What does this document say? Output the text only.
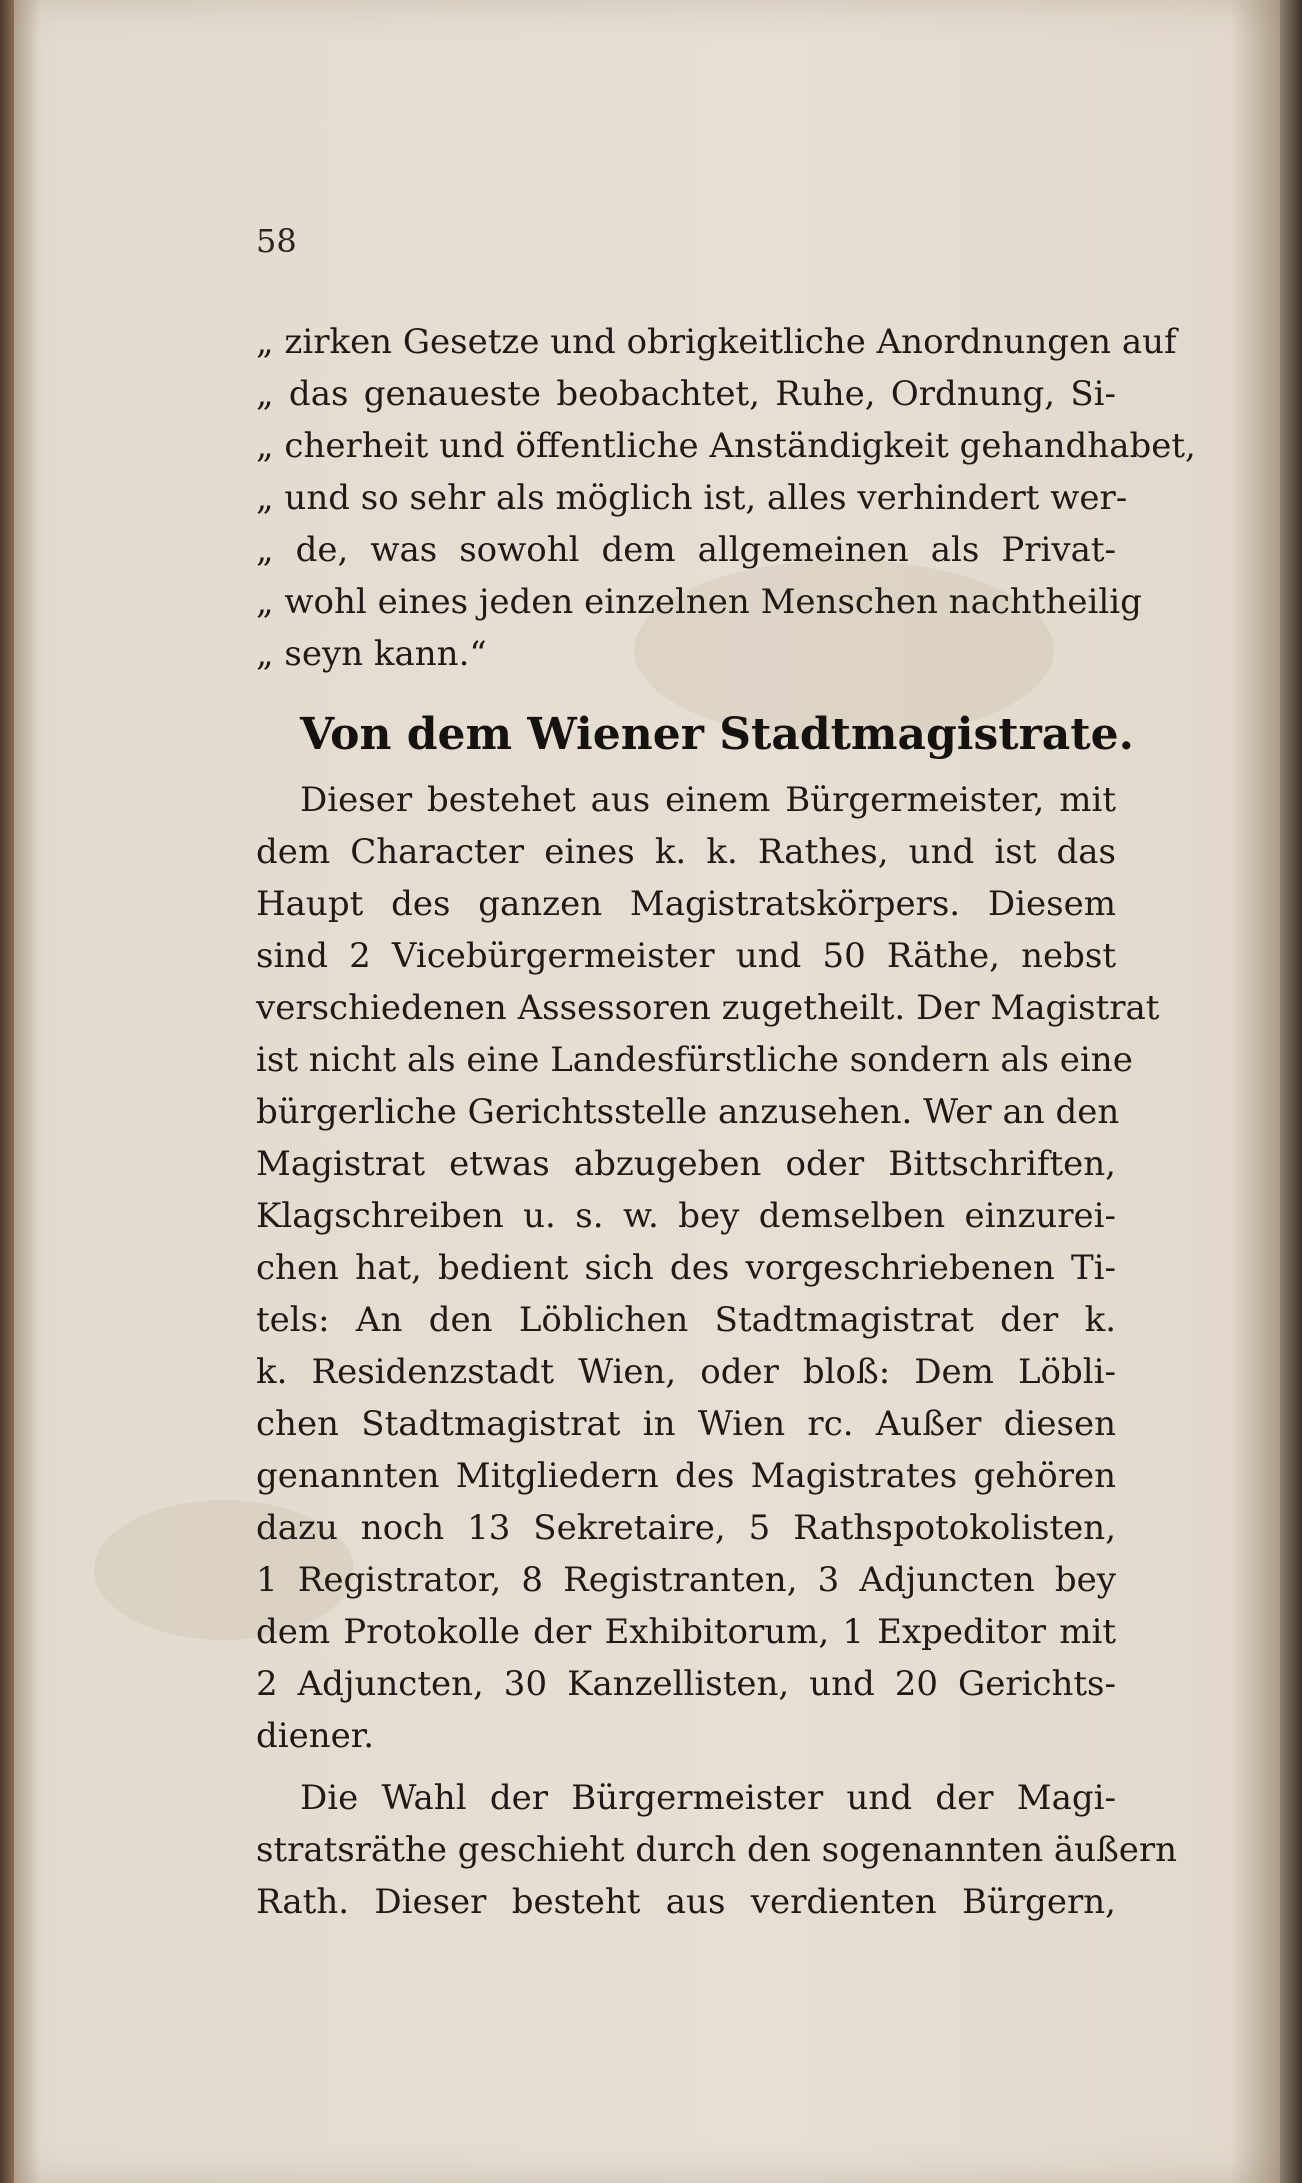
58
„ zirken Gesetze und obrigkeitliche Anordnungen auf
„ das genaueste beobachtet, Ruhe, Ordnung, Si-
„ cherheit und öffentliche Anständigkeit gehandhabet,
„ und so sehr als möglich ist, alles verhindert wer-
„ de, was sowohl dem allgemeinen als Privat-
„ wohl eines jeden einzelnen Menschen nachtheilig
„ seyn kann.“
Von dem Wiener Stadtmagistrate.
Dieser bestehet aus einem Bürgermeister, mit
dem Character eines k. k. Rathes, und ist das
Haupt des ganzen Magistratskörpers. Diesem
sind 2 Vicebürgermeister und 50 Räthe, nebst
verschiedenen Assessoren zugetheilt. Der Magistrat
ist nicht als eine Landesfürstliche sondern als eine
bürgerliche Gerichtsstelle anzusehen. Wer an den
Magistrat etwas abzugeben oder Bittschriften,
Klagschreiben u. s. w. bey demselben einzurei-
chen hat, bedient sich des vorgeschriebenen Ti-
tels: An den Löblichen Stadtmagistrat der k.
k. Residenzstadt Wien, oder bloß: Dem Löbli-
chen Stadtmagistrat in Wien rc. Außer diesen
genannten Mitgliedern des Magistrates gehören
dazu noch 13 Sekretaire, 5 Rathspotokolisten,
1 Registrator, 8 Registranten, 3 Adjuncten bey
dem Protokolle der Exhibitorum, 1 Expeditor mit
2 Adjuncten, 30 Kanzellisten, und 20 Gerichts-
diener.
Die Wahl der Bürgermeister und der Magi-
stratsräthe geschieht durch den sogenannten äußern
Rath. Dieser besteht aus verdienten Bürgern,
